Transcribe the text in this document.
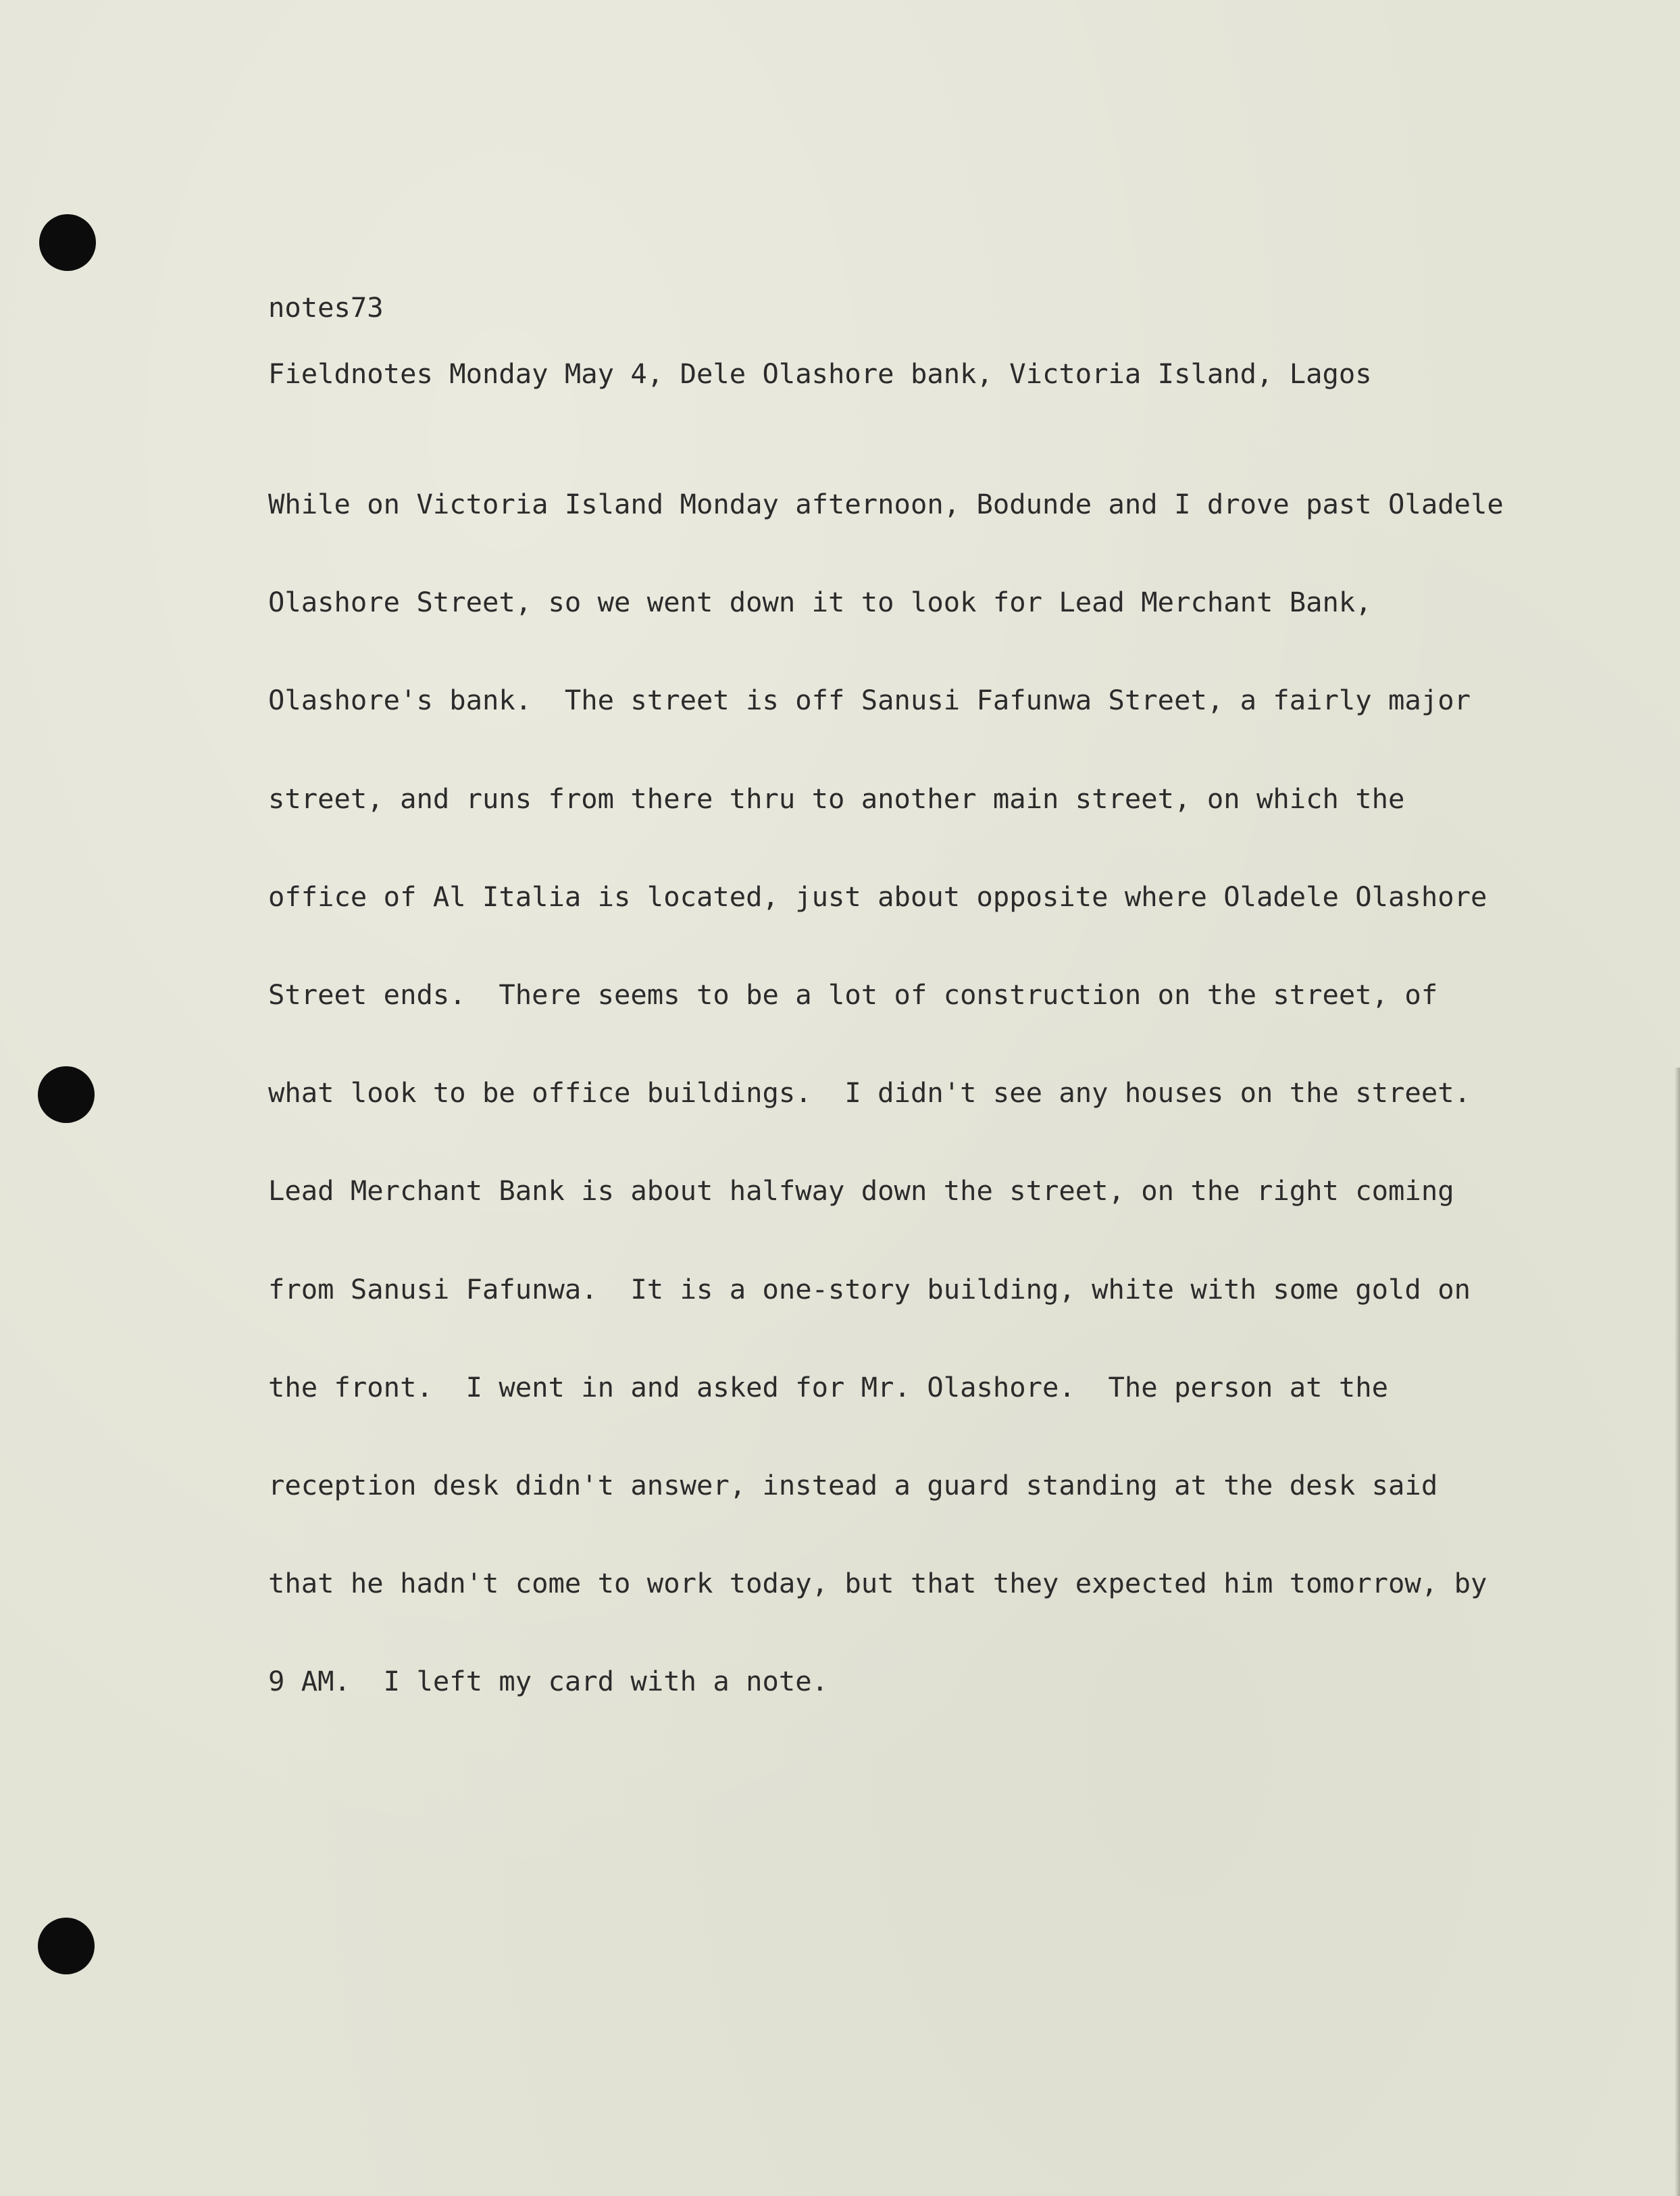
notes73
Fieldnotes Monday May 4, Dele Olashore bank, Victoria Island, Lagos

While on Victoria Island Monday afternoon, Bodunde and I drove past Oladele

Olashore Street, so we went down it to look for Lead Merchant Bank,

Olashore's bank.  The street is off Sanusi Fafunwa Street, a fairly major

street, and runs from there thru to another main street, on which the

office of Al Italia is located, just about opposite where Oladele Olashore

Street ends.  There seems to be a lot of construction on the street, of

what look to be office buildings.  I didn't see any houses on the street.

Lead Merchant Bank is about halfway down the street, on the right coming

from Sanusi Fafunwa.  It is a one-story building, white with some gold on

the front.  I went in and asked for Mr. Olashore.  The person at the

reception desk didn't answer, instead a guard standing at the desk said

that he hadn't come to work today, but that they expected him tomorrow, by

9 AM.  I left my card with a note.
